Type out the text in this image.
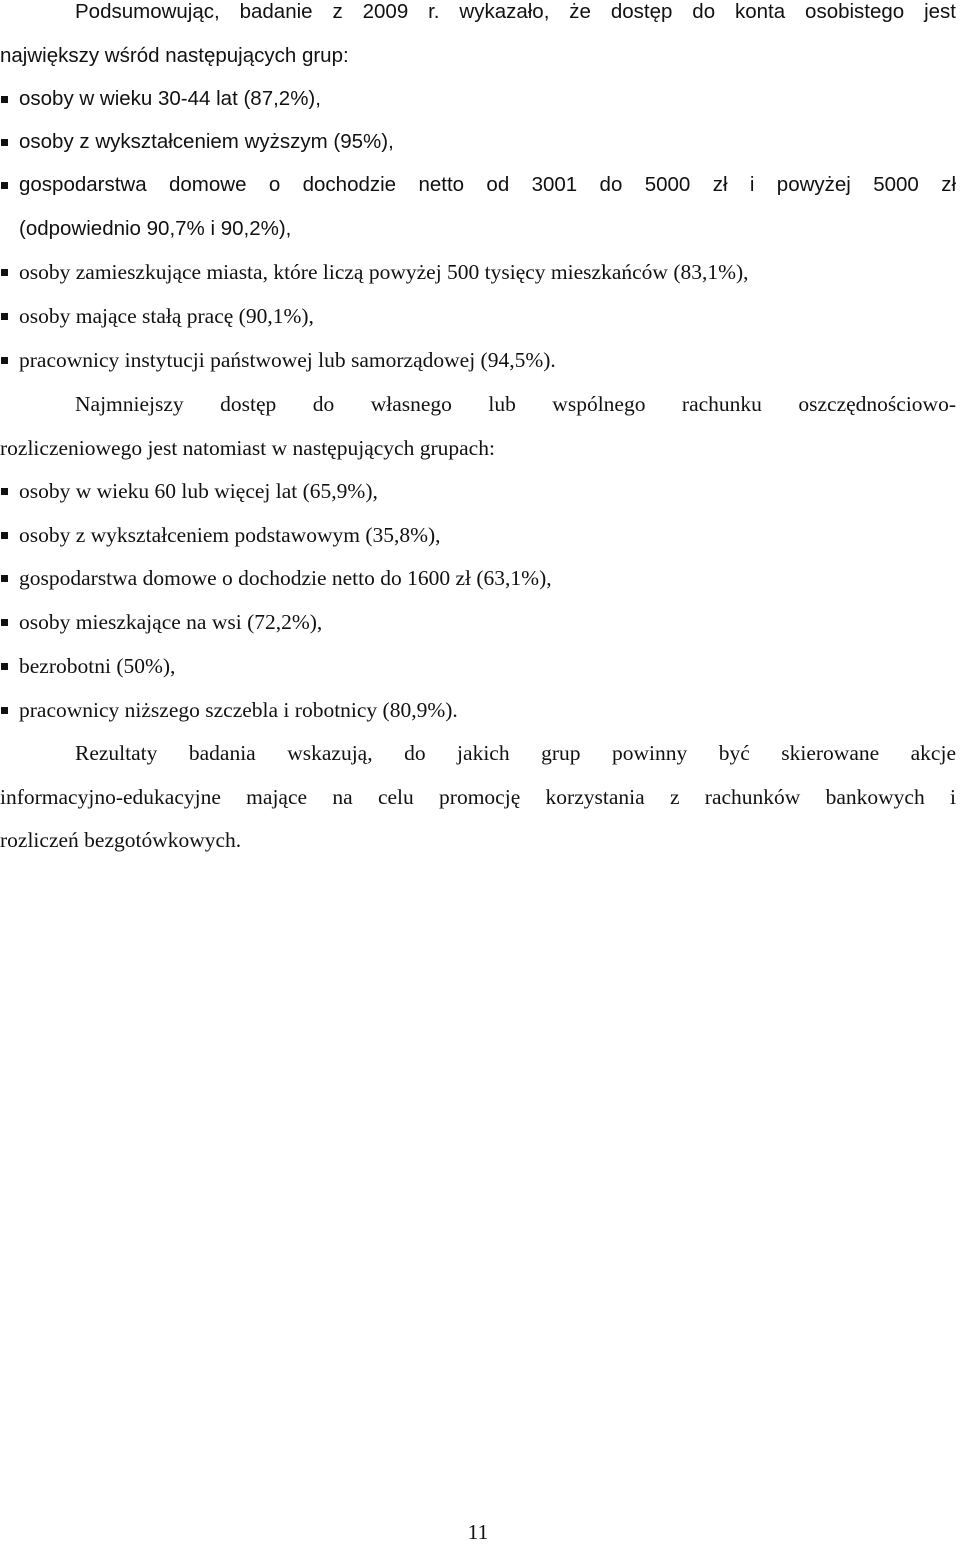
Podsumowując, badanie z 2009 r. wykazało, że dostęp do konta osobistego jest
największy wśród następujących grup:
osoby w wieku 30-44 lat (87,2%),
osoby z wykształceniem wyższym (95%),
gospodarstwa domowe o dochodzie netto od 3001 do 5000 zł i powyżej 5000 zł
(odpowiednio 90,7% i 90,2%),
osoby zamieszkujące miasta, które liczą powyżej 500 tysięcy mieszkańców (83,1%),
osoby mające stałą pracę (90,1%),
pracownicy instytucji państwowej lub samorządowej (94,5%).
Najmniejszy dostęp do własnego lub wspólnego rachunku oszczędnościowo-
rozliczeniowego jest natomiast w następujących grupach:
osoby w wieku 60 lub więcej lat (65,9%),
osoby z wykształceniem podstawowym (35,8%),
gospodarstwa domowe o dochodzie netto do 1600 zł (63,1%),
osoby mieszkające na wsi (72,2%),
bezrobotni (50%),
pracownicy niższego szczebla i robotnicy (80,9%).
Rezultaty badania wskazują, do jakich grup powinny być skierowane akcje
informacyjno-edukacyjne mające na celu promocję korzystania z rachunków bankowych i
rozliczeń bezgotówkowych.
11
